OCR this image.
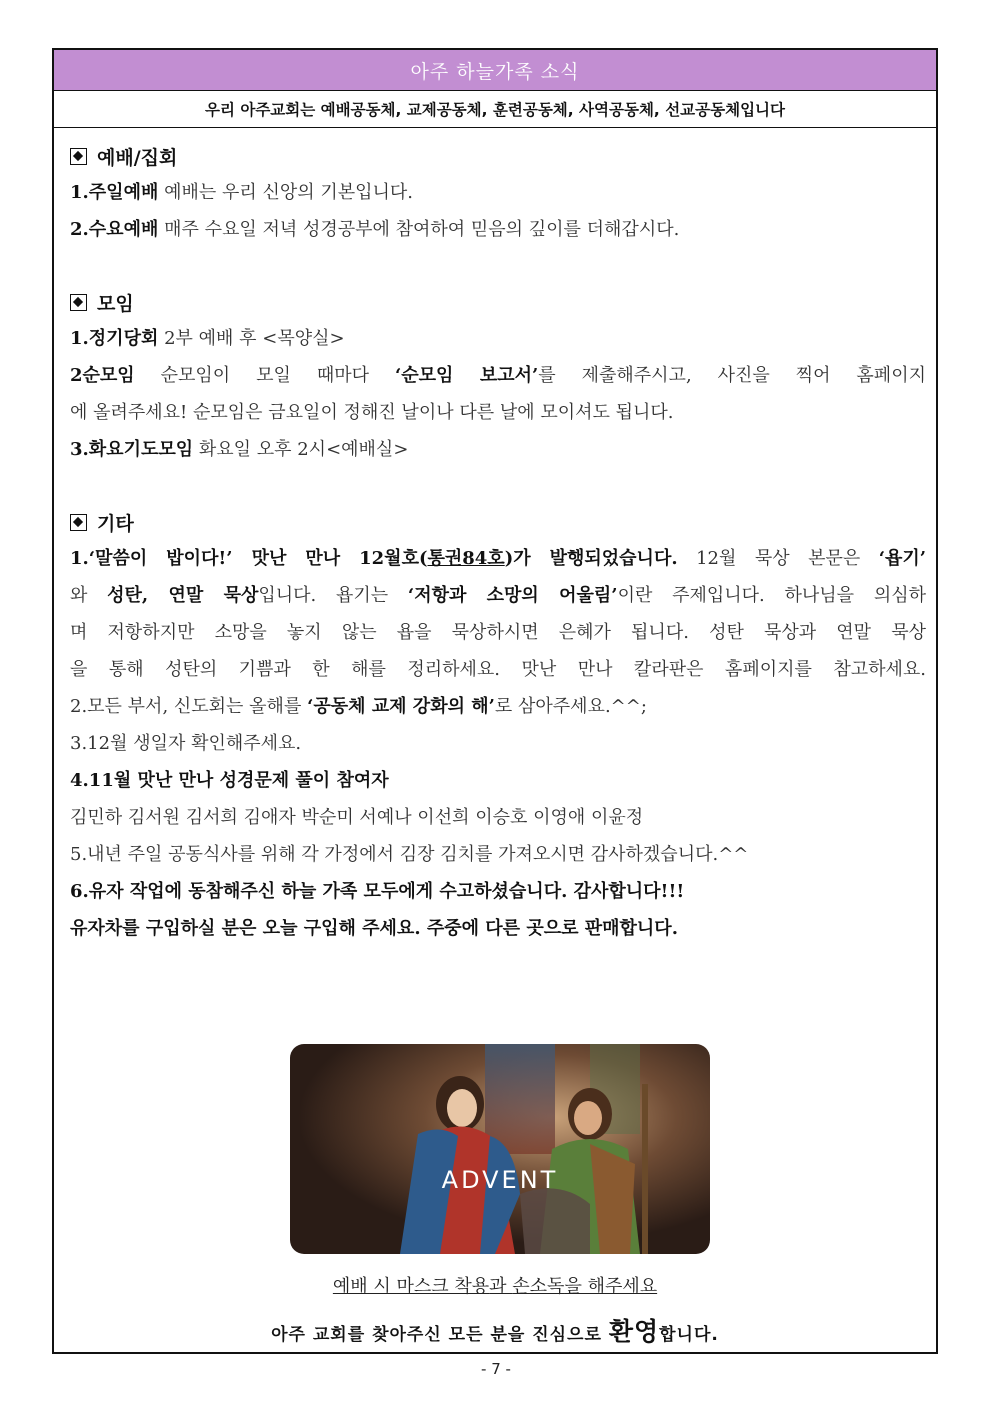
아주 하늘가족 소식
우리 아주교회는 예배공동체, 교제공동체, 훈련공동체, 사역공동체, 선교공동체입니다
예배/집회
1.주일예배 예배는 우리 신앙의 기본입니다.
2.수요예배 매주 수요일 저녁 성경공부에 참여하여 믿음의 깊이를 더해갑시다.
모임
1.정기당회 2부 예배 후 <목양실>
2순모임 순모임이 모일 때마다 ‘순모임 보고서’를 제출해주시고, 사진을 찍어 홈페이지
에 올려주세요! 순모임은 금요일이 정해진 날이나 다른 날에 모이셔도 됩니다.
3.화요기도모임 화요일 오후 2시<예배실>
기타
1.‘말씀이 밥이다!’ 맛난 만나 12월호(통권84호)가 발행되었습니다. 12월 묵상 본문은 ‘욥기’
와 성탄, 연말 묵상입니다. 욥기는 ‘저항과 소망의 어울림’이란 주제입니다. 하나님을 의심하
며 저항하지만 소망을 놓지 않는 욥을 묵상하시면 은혜가 됩니다. 성탄 묵상과 연말 묵상
을 통해 성탄의 기쁨과 한 해를 정리하세요. 맛난 만나 칼라판은 홈페이지를 참고하세요.
2.모든 부서, 신도회는 올해를 ‘공동체 교제 강화의 해’로 삼아주세요.^^;
3.12월 생일자 확인해주세요.
4.11월 맛난 만나 성경문제 풀이 참여자
김민하 김서원 김서희 김애자 박순미 서예나 이선희 이승호 이영애 이윤정
5.내년 주일 공동식사를 위해 각 가정에서 김장 김치를 가져오시면 감사하겠습니다.^^
6.유자 작업에 동참해주신 하늘 가족 모두에게 수고하셨습니다. 감사합니다!!!
유자차를 구입하실 분은 오늘 구입해 주세요. 주중에 다른 곳으로 판매합니다.
ADVENT
예배 시 마스크 착용과 손소독을 해주세요
아주 교회를 찾아주신 모든 분을 진심으로 환영합니다.
- 7 -
